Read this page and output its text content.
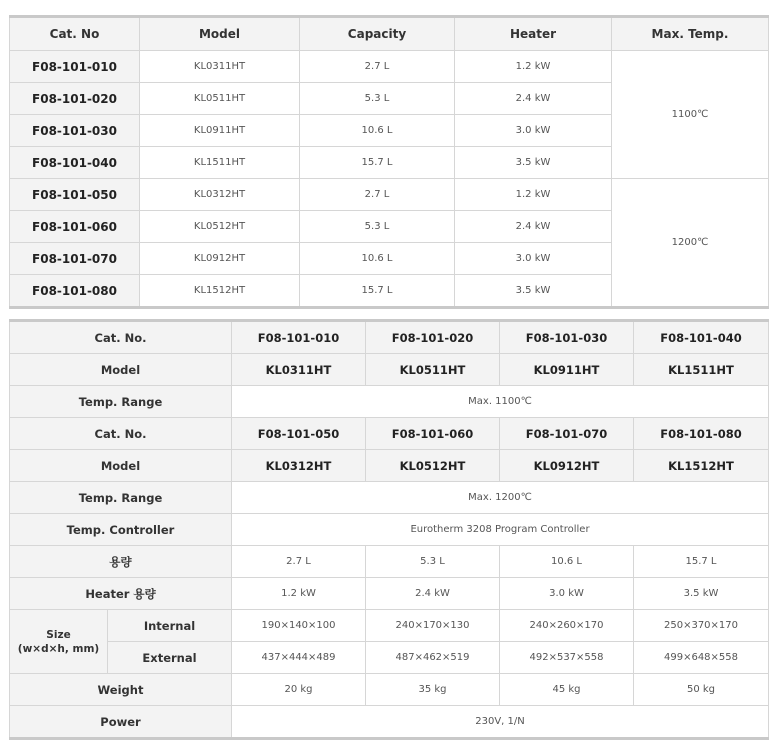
Cat. No	Model	Capacity	Heater	Max. Temp.
F08-101-010	KL0311HT	2.7 L	1.2 kW	1100℃
F08-101-020	KL0511HT	5.3 L	2.4 kW	
F08-101-030	KL0911HT	10.6 L	3.0 kW	
F08-101-040	KL1511HT	15.7 L	3.5 kW	
F08-101-050	KL0312HT	2.7 L	1.2 kW	1200℃
F08-101-060	KL0512HT	5.3 L	2.4 kW	
F08-101-070	KL0912HT	10.6 L	3.0 kW	
F08-101-080	KL1512HT	15.7 L	3.5 kW	
Cat. No.		F08-101-010	F08-101-020	F08-101-030	F08-101-040
Model		KL0311HT	KL0511HT	KL0911HT	KL1511HT
Temp. Range		Max. 1100℃			
Cat. No.		F08-101-050	F08-101-060	F08-101-070	F08-101-080
Model		KL0312HT	KL0512HT	KL0912HT	KL1512HT
Temp. Range		Max. 1200℃			
Temp. Controller		Eurotherm 3208 Program Controller			
용량		2.7 L	5.3 L	10.6 L	15.7 L
Heater 용량		1.2 kW	2.4 kW	3.0 kW	3.5 kW

Size
(w×d×h, mm)	Internal	190×140×100	240×170×130	240×260×170	250×370×170
	External	437×444×489	487×462×519	492×537×558	499×648×558
Weight		20 kg	35 kg	45 kg	50 kg
Power		230V, 1/N			
